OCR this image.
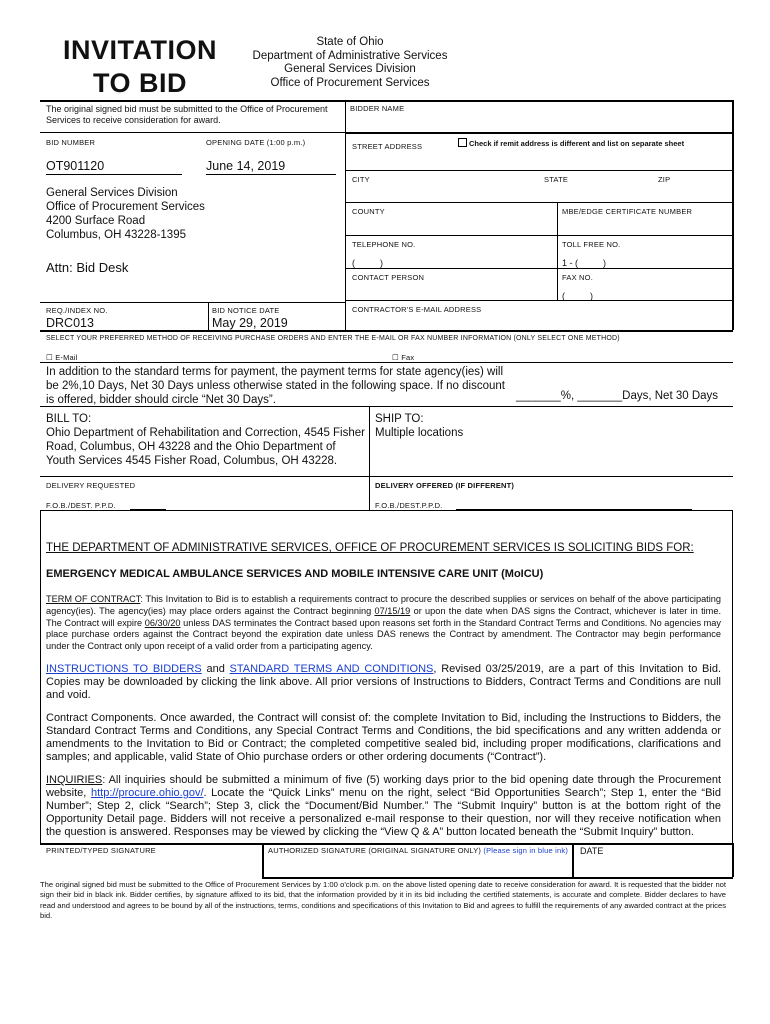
INVITATION
TO BID
State of Ohio
Department of Administrative Services
General Services Division
Office of Procurement Services
The original signed bid must be submitted to the Office of Procurement Services to receive consideration for award.
BID NUMBER	OPENING DATE (1:00 p.m.)
OT901120	June 14, 2019
General Services Division
Office of Procurement Services
4200 Surface Road
Columbus, OH 43228-1395
Attn: Bid Desk
REQ./INDEX NO.
DRC013
BID NOTICE DATE
May 29, 2019
BIDDER NAME
STREET ADDRESS	Check if remit address is different and list on separate sheet
CITY	STATE	ZIP
COUNTY	MBE/EDGE CERTIFICATE NUMBER
TELEPHONE NO.	TOLL FREE NO.
(          )	1 - (          )
CONTACT PERSON	FAX NO.
(          )
CONTRACTOR'S E-MAIL ADDRESS
SELECT YOUR PREFERRED METHOD OF RECEIVING PURCHASE ORDERS AND ENTER THE E-MAIL OR FAX NUMBER INFORMATION (ONLY SELECT ONE METHOD)
☐ E-Mail	☐ Fax
In addition to the standard terms for payment, the payment terms for state agency(ies) will be 2%,10 Days, Net 30 Days unless otherwise stated in the following space. If no discount is offered, bidder should circle “Net 30 Days”.	_______%, _______Days, Net 30 Days
BILL TO:
Ohio Department of Rehabilitation and Correction, 4545 Fisher Road, Columbus, OH 43228 and the Ohio Department of Youth Services 4545 Fisher Road, Columbus, OH 43228.
SHIP TO:
Multiple locations
DELIVERY REQUESTED	DELIVERY OFFERED (IF DIFFERENT)
F.O.B./DEST. P.P.D.	F.O.B./DEST.P.P.D.
THE DEPARTMENT OF ADMINISTRATIVE SERVICES, OFFICE OF PROCUREMENT SERVICES IS SOLICITING BIDS FOR:
EMERGENCY MEDICAL AMBULANCE SERVICES AND MOBILE INTENSIVE CARE UNIT (MoICU)
TERM OF CONTRACT: This Invitation to Bid is to establish a requirements contract to procure the described supplies or services on behalf of the above participating agency(ies). The agency(ies) may place orders against the Contract beginning 07/15/19 or upon the date when DAS signs the Contract, whichever is later in time. The Contract will expire 06/30/20 unless DAS terminates the Contract based upon reasons set forth in the Standard Contract Terms and Conditions. No agencies may place purchase orders against the Contract beyond the expiration date unless DAS renews the Contract by amendment. The Contractor may begin performance under the Contract only upon receipt of a valid order from a participating agency.
INSTRUCTIONS TO BIDDERS and STANDARD TERMS AND CONDITIONS, Revised 03/25/2019, are a part of this Invitation to Bid. Copies may be downloaded by clicking the link above. All prior versions of Instructions to Bidders, Contract Terms and Conditions are null and void.
Contract Components. Once awarded, the Contract will consist of: the complete Invitation to Bid, including the Instructions to Bidders, the Standard Contract Terms and Conditions, any Special Contract Terms and Conditions, the bid specifications and any written addenda or amendments to the Invitation to Bid or Contract; the completed competitive sealed bid, including proper modifications, clarifications and samples; and applicable, valid State of Ohio purchase orders or other ordering documents (“Contract”).
INQUIRIES: All inquiries should be submitted a minimum of five (5) working days prior to the bid opening date through the Procurement website, http://procure.ohio.gov/. Locate the “Quick Links” menu on the right, select “Bid Opportunities Search”; Step 1, enter the “Bid Number”; Step 2, click “Search”; Step 3, click the “Document/Bid Number.” The “Submit Inquiry” button is at the bottom right of the Opportunity Detail page. Bidders will not receive a personalized e-mail response to their question, nor will they receive notification when the question is answered. Responses may be viewed by clicking the “View Q & A” button located beneath the “Submit Inquiry” button.
PRINTED/TYPED SIGNATURE	AUTHORIZED SIGNATURE (ORIGINAL SIGNATURE ONLY) (Please sign in blue ink) DATE
The original signed bid must be submitted to the Office of Procurement Services by 1:00 o'clock p.m. on the above listed opening date to receive consideration for award. It is requested that the bidder not sign their bid in black ink. Bidder certifies, by signature affixed to its bid, that the information provided by it in its bid including the certified statements, is accurate and complete. Bidder declares to have read and understood and agrees to be bound by all of the instructions, terms, conditions and specifications of this Invitation to Bid and agrees to fulfill the requirements of any awarded contract at the prices bid.
